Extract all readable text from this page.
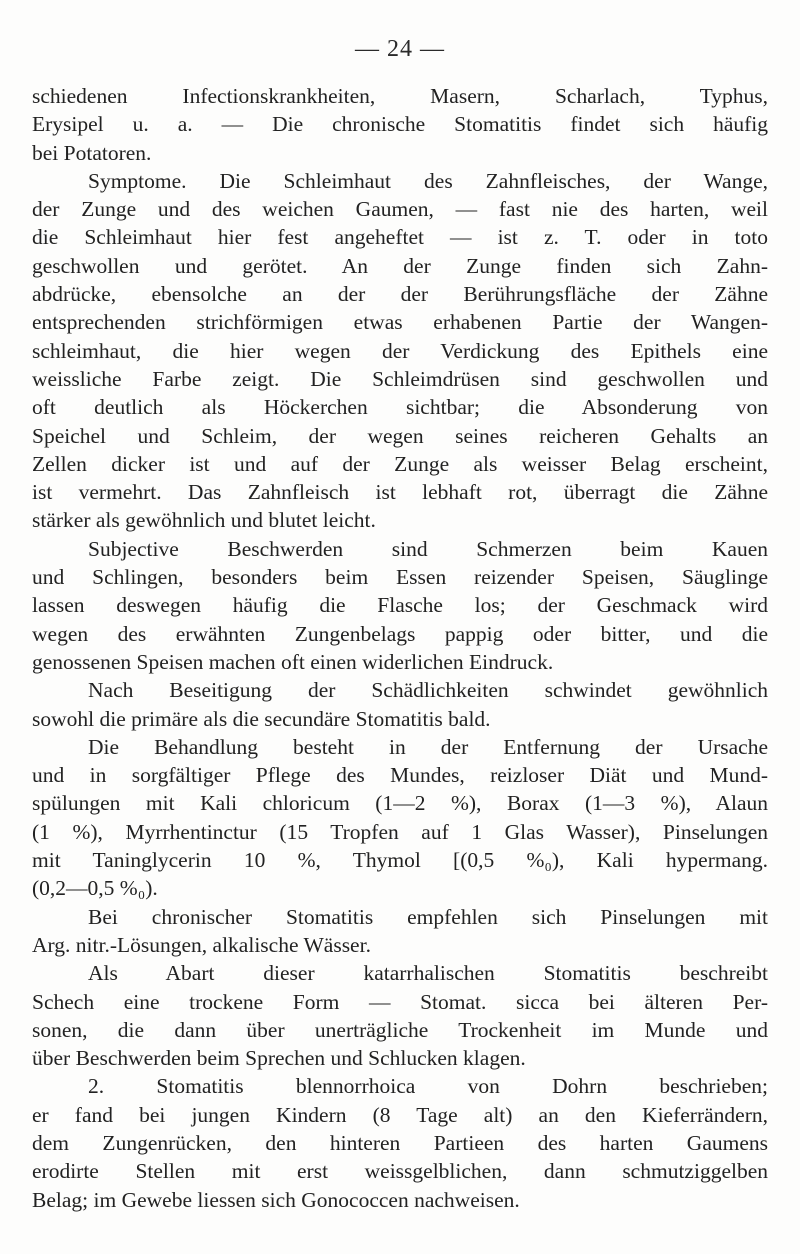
— 24 —

schiedenen Infectionskrankheiten, Masern, Scharlach, Typhus,
Erysipel u. a. — Die chronische Stomatitis findet sich häufig
bei Potatoren.

Symptome. Die Schleimhaut des Zahnfleisches, der Wange,
der Zunge und des weichen Gaumen, — fast nie des harten, weil
die Schleimhaut hier fest angeheftet — ist z. T. oder in toto
geschwollen und gerötet. An der Zunge finden sich Zahn-
abdrücke, ebensolche an der der Berührungsfläche der Zähne
entsprechenden strichförmigen etwas erhabenen Partie der Wangen-
schleimhaut, die hier wegen der Verdickung des Epithels eine
weissliche Farbe zeigt. Die Schleimdrüsen sind geschwollen und
oft deutlich als Höckerchen sichtbar; die Absonderung von
Speichel und Schleim, der wegen seines reicheren Gehalts an
Zellen dicker ist und auf der Zunge als weisser Belag erscheint,
ist vermehrt. Das Zahnfleisch ist lebhaft rot, überragt die Zähne
stärker als gewöhnlich und blutet leicht.

Subjective Beschwerden sind Schmerzen beim Kauen
und Schlingen, besonders beim Essen reizender Speisen, Säuglinge
lassen deswegen häufig die Flasche los; der Geschmack wird
wegen des erwähnten Zungenbelags pappig oder bitter, und die
genossenen Speisen machen oft einen widerlichen Eindruck.

Nach Beseitigung der Schädlichkeiten schwindet gewöhnlich
sowohl die primäre als die secundäre Stomatitis bald.

Die Behandlung besteht in der Entfernung der Ursache
und in sorgfältiger Pflege des Mundes, reizloser Diät und Mund-
spülungen mit Kali chloricum (1—2 %), Borax (1—3 %), Alaun
(1 %), Myrrhentinctur (15 Tropfen auf 1 Glas Wasser), Pinselungen
mit Taninglycerin 10 %, Thymol [(0,5 %₀), Kali hypermang.
(0,2—0,5 %₀).

Bei chronischer Stomatitis empfehlen sich Pinselungen mit
Arg. nitr.-Lösungen, alkalische Wässer.

Als Abart dieser katarrhalischen Stomatitis beschreibt
Schech eine trockene Form — Stomat. sicca bei älteren Per-
sonen, die dann über unerträgliche Trockenheit im Munde und
über Beschwerden beim Sprechen und Schlucken klagen.

2. Stomatitis blennorrhoica von Dohrn beschrieben;
er fand bei jungen Kindern (8 Tage alt) an den Kieferrändern,
dem Zungenrücken, den hinteren Partieen des harten Gaumens
erodirte Stellen mit erst weissgelblichen, dann schmutziggelben
Belag; im Gewebe liessen sich Gonococcen nachweisen.
